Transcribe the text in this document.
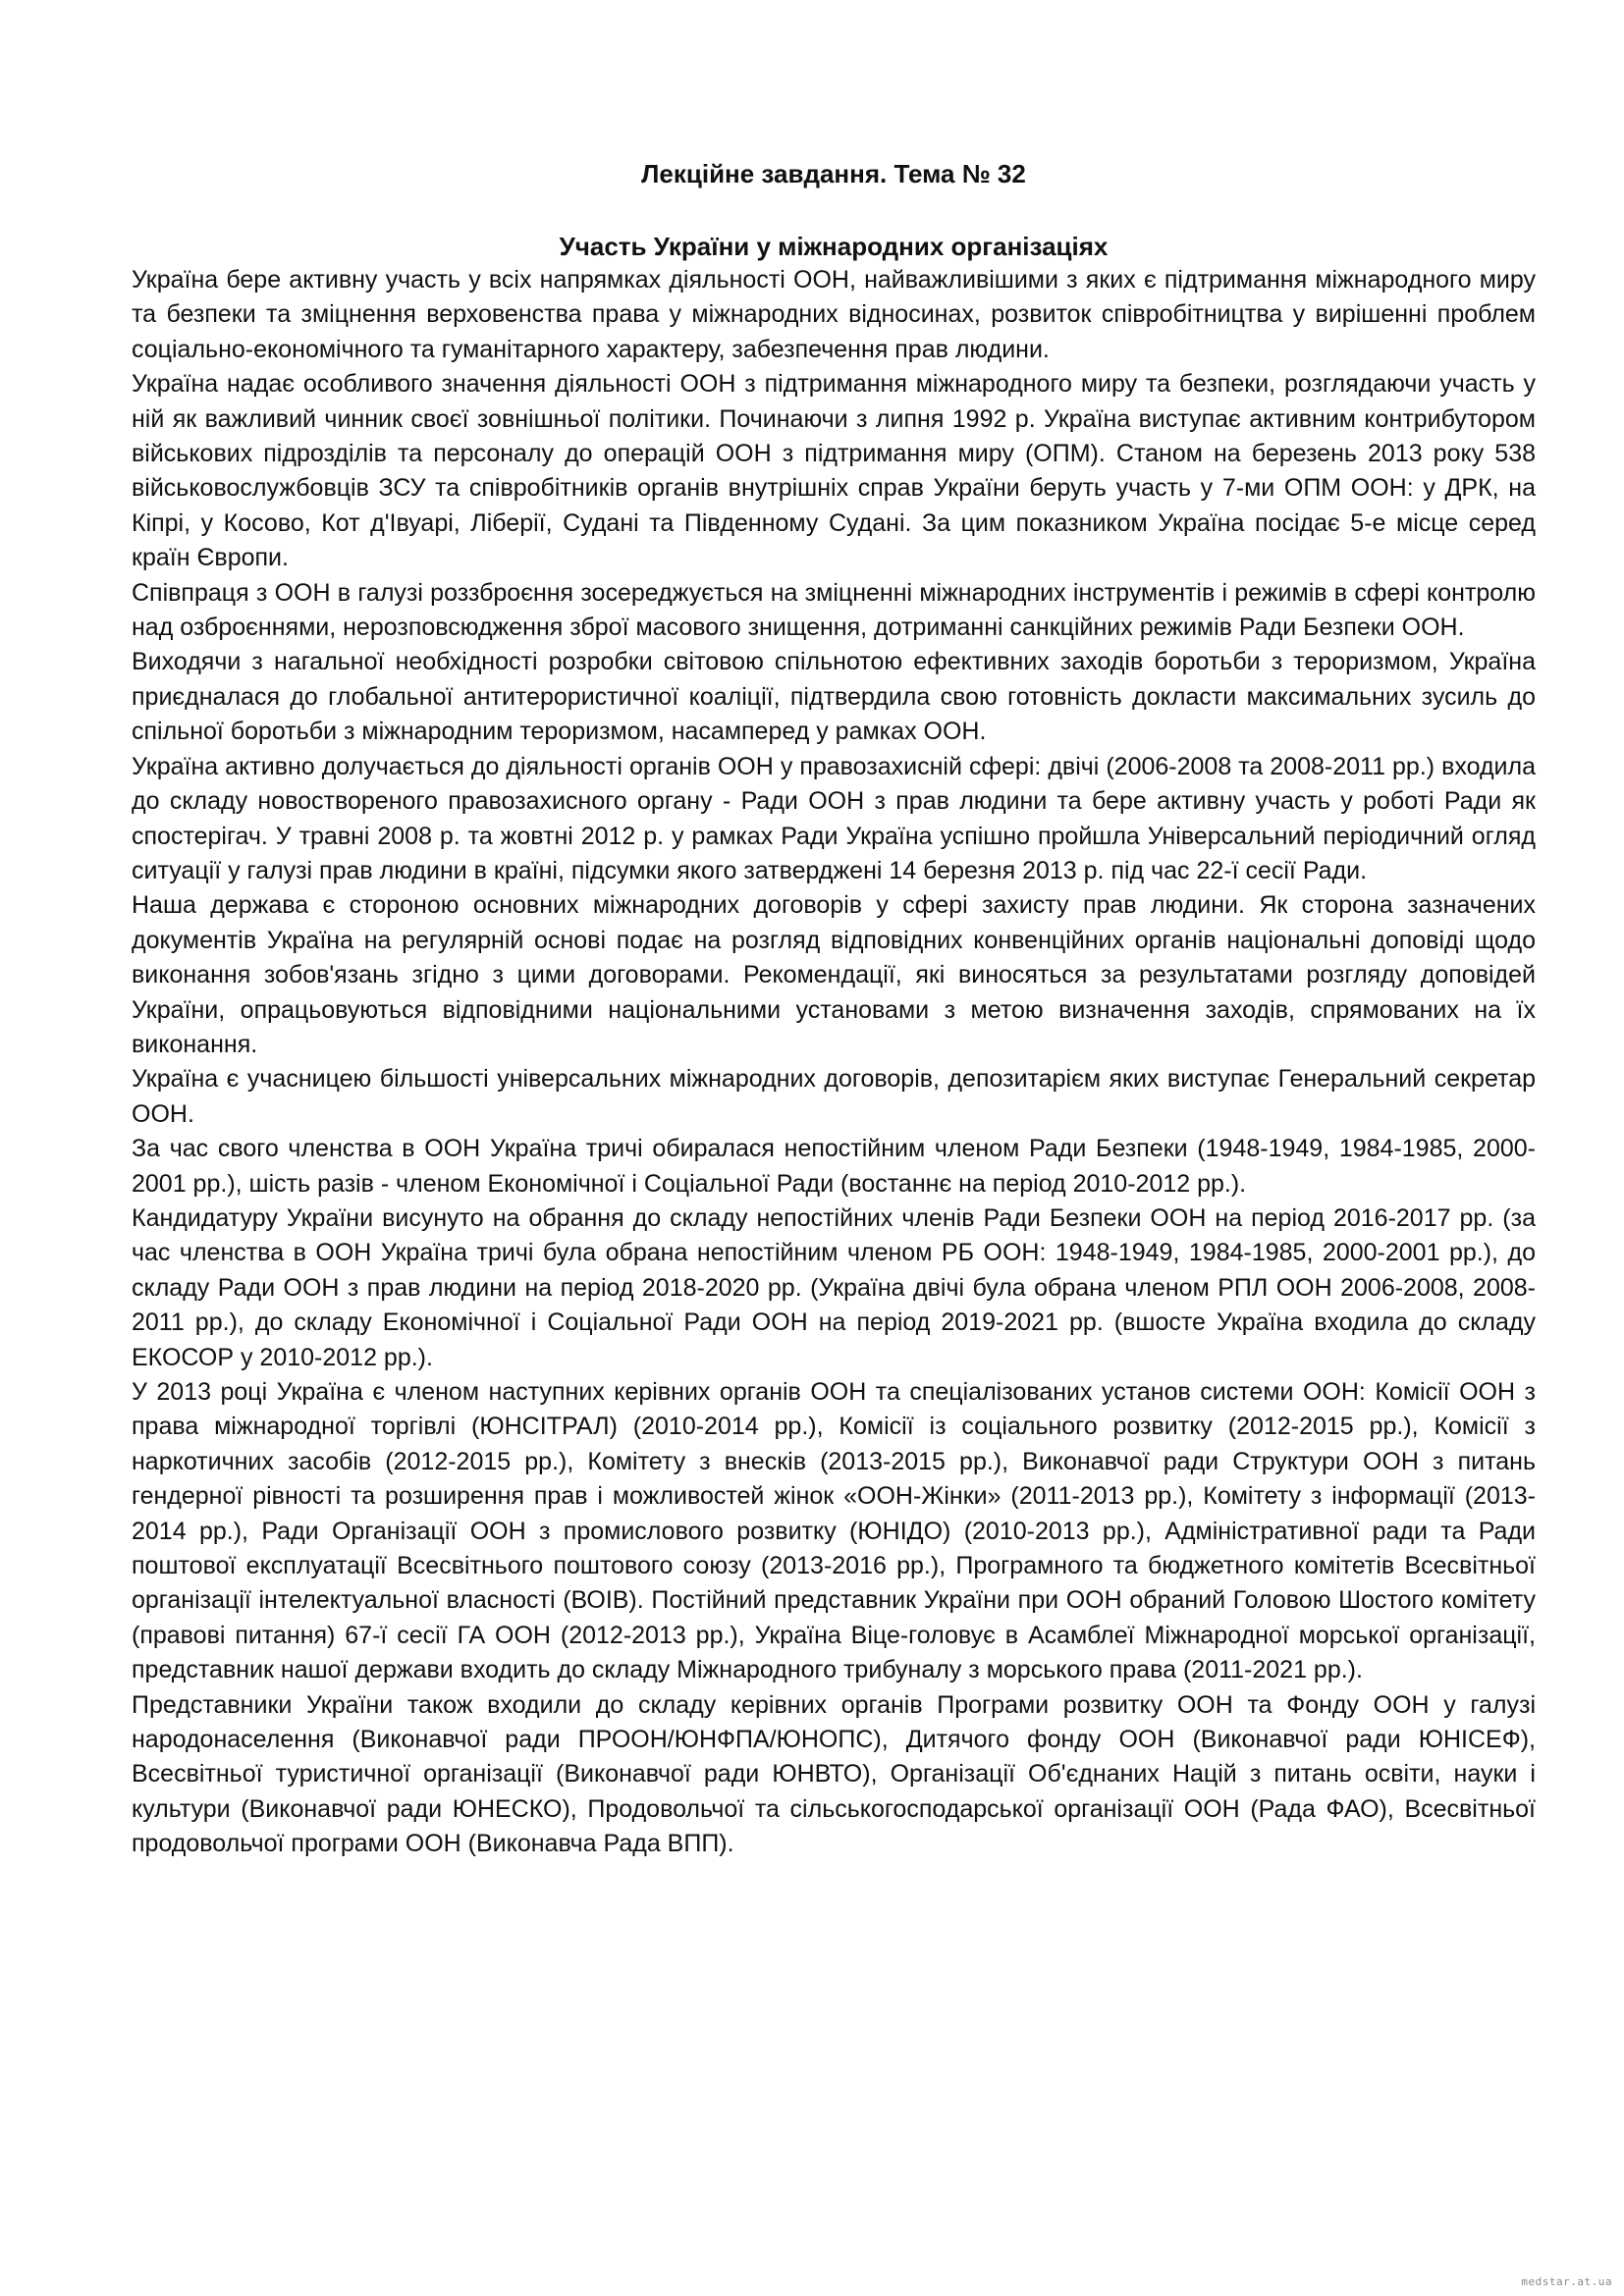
Лекційне завдання. Тема № 32
Участь України у міжнародних організаціях

Україна бере активну участь у всіх напрямках діяльності ООН, найважливішими з яких є підтримання міжнародного миру та безпеки та зміцнення верховенства права у міжнародних відносинах, розвиток співробітництва у вирішенні проблем соціально-економічного та гуманітарного характеру, забезпечення прав людини.

Україна надає особливого значення діяльності ООН з підтримання міжнародного миру та безпеки, розглядаючи участь у ній як важливий чинник своєї зовнішньої політики. Починаючи з липня 1992 р. Україна виступає активним контрибутором військових підрозділів та персоналу до операцій ООН з підтримання миру (ОПМ). Станом на березень 2013 року 538 військовослужбовців ЗСУ та співробітників органів внутрішніх справ України беруть участь у 7-ми ОПМ ООН: у ДРК, на Кіпрі, у Косово, Кот д'Івуарі, Ліберії, Судані та Південному Судані. За цим показником Україна посідає 5-е місце серед країн Європи.

Співпраця з ООН в галузі роззброєння зосереджується на зміцненні міжнародних інструментів і режимів в сфері контролю над озброєннями, нерозповсюдження зброї масового знищення, дотриманні санкційних режимів Ради Безпеки ООН.

Виходячи з нагальної необхідності розробки світовою спільнотою ефективних заходів боротьби з тероризмом, Україна приєдналася до глобальної антитерористичної коаліції, підтвердила свою готовність докласти максимальних зусиль до спільної боротьби з міжнародним тероризмом, насамперед у рамках ООН.

Україна активно долучається до діяльності органів ООН у правозахисній сфері: двічі (2006-2008 та 2008-2011 рр.) входила до складу новоствореного правозахисного органу - Ради ООН з прав людини та бере активну участь у роботі Ради як спостерігач. У травні 2008 р. та жовтні 2012 р. у рамках Ради Україна успішно пройшла Універсальний періодичний огляд ситуації у галузі прав людини в країні, підсумки якого затверджені 14 березня 2013 р. під час 22-ї сесії Ради.

Наша держава є стороною основних міжнародних договорів у сфері захисту прав людини. Як сторона зазначених документів Україна на регулярній основі подає на розгляд відповідних конвенційних органів національні доповіді щодо виконання зобов'язань згідно з цими договорами. Рекомендації, які виносяться за результатами розгляду доповідей України, опрацьовуються відповідними національними установами з метою визначення заходів, спрямованих на їх виконання.

Україна є учасницею більшості універсальних міжнародних договорів, депозитарієм яких виступає Генеральний секретар ООН.

За час свого членства в ООН Україна тричі обиралася непостійним членом Ради Безпеки (1948-1949, 1984-1985, 2000-2001 рр.), шість разів - членом Економічної і Соціальної Ради (востаннє на період 2010-2012 рр.).

Кандидатуру України висунуто на обрання до складу непостійних членів Ради Безпеки ООН на період 2016-2017 рр. (за час членства в ООН Україна тричі була обрана непостійним членом РБ ООН: 1948-1949, 1984-1985, 2000-2001 рр.), до складу Ради ООН з прав людини на період 2018-2020 рр. (Україна двічі була обрана членом РПЛ ООН 2006-2008, 2008-2011 рр.), до складу Економічної і Соціальної Ради ООН на період 2019-2021 рр. (вшосте Україна входила до складу ЕКОСОР у 2010-2012 рр.).

У 2013 році Україна є членом наступних керівних органів ООН та спеціалізованих установ системи ООН: Комісії ООН з права міжнародної торгівлі (ЮНСІТРАЛ) (2010-2014 рр.), Комісії із соціального розвитку (2012-2015 рр.), Комісії з наркотичних засобів (2012-2015 рр.), Комітету з внесків (2013-2015 рр.), Виконавчої ради Структури ООН з питань гендерної рівності та розширення прав і можливостей жінок «ООН-Жінки» (2011-2013 рр.), Комітету з інформації (2013-2014 рр.), Ради Організації ООН з промислового розвитку (ЮНІДО) (2010-2013 рр.), Адміністративної ради та Ради поштової експлуатації Всесвітнього поштового союзу (2013-2016 рр.), Програмного та бюджетного комітетів Всесвітньої організації інтелектуальної власності (ВОІВ). Постійний представник України при ООН обраний Головою Шостого комітету (правові питання) 67-ї сесії ГА ООН (2012-2013 рр.), Україна Віце-головує в Асамблеї Міжнародної морської організації, представник нашої держави входить до складу Міжнародного трибуналу з морського права (2011-2021 рр.).

Представники України також входили до складу керівних органів Програми розвитку ООН та Фонду ООН у галузі народонаселення (Виконавчої ради ПРООН/ЮНФПА/ЮНОПС), Дитячого фонду ООН (Виконавчої ради ЮНІСЕФ), Всесвітньої туристичної організації (Виконавчої ради ЮНВТО), Організації Об'єднаних Націй з питань освіти, науки і культури (Виконавчої ради ЮНЕСКО), Продовольчої та сільськогосподарської організації ООН (Рада ФАО), Всесвітньої продовольчої програми ООН (Виконавча Рада ВПП).

medstar.at.ua
